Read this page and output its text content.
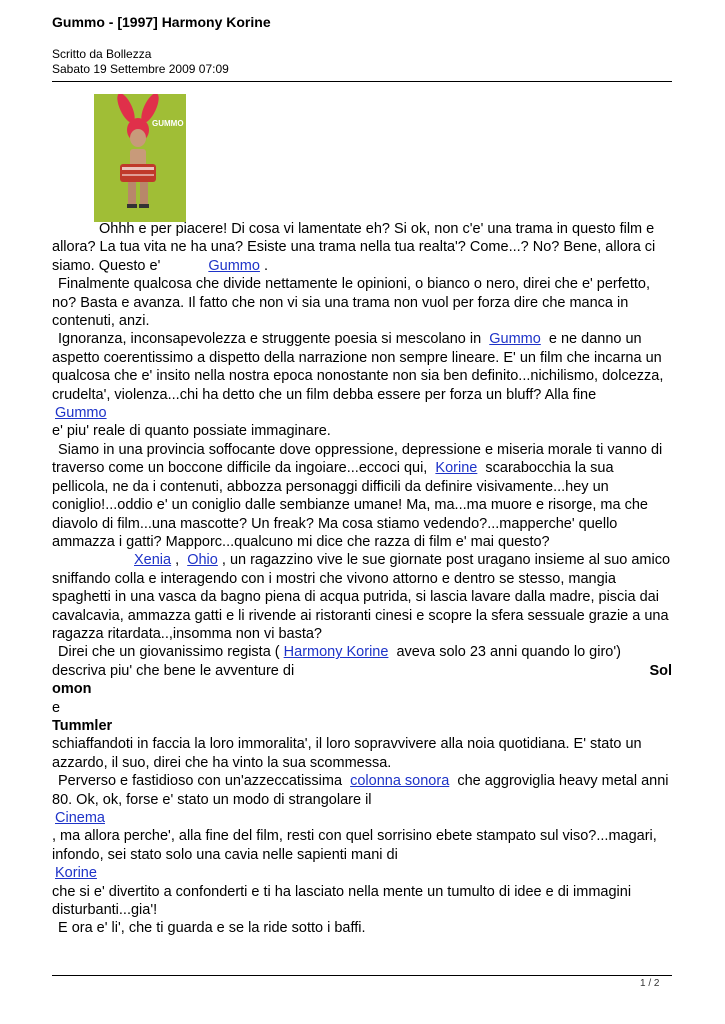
Gummo - [1997] Harmony Korine
Scritto da Bollezza
Sabato 19 Settembre 2009 07:09
GUMMO

Ohhh e per piacere! Di cosa vi lamentate eh? Si ok, non c'e' una trama in questo film e allora? La tua vita ne ha una? Esiste una trama nella tua realta'? Come...? No? Bene, allora ci siamo. Questo e'	Gummo .

Finalmente qualcosa che divide nettamente le opinioni, o bianco o nero, direi che e' perfetto, no? Basta e avanza. Il fatto che non vi sia una trama non vuol per forza dire che manca in contenuti, anzi.

Ignoranza, inconsapevolezza e struggente poesia si mescolano in Gummo e ne danno un aspetto coerentissimo a dispetto della narrazione non sempre lineare. E' un film che incarna un qualcosa che e' insito nella nostra epoca nonostante non sia ben definito...nichilismo, dolcezza, crudelta', violenza...chi ha detto che un film debba essere per forza un bluff? Alla fine
Gummo
e' piu' reale di quanto possiate immaginare.

Siamo in una provincia soffocante dove oppressione, depressione e miseria morale ti vanno di traverso come un boccone difficile da ingoiare...eccoci qui, Korine scarabocchia la sua pellicola, ne da i contenuti, abbozza personaggi difficili da definire visivamente...hey un coniglio!...oddio e' un coniglio dalle sembianze umane! Ma, ma...ma muore e risorge, ma che diavolo di film...una mascotte? Un freak? Ma cosa stiamo vedendo?...mapperche' quello ammazza i gatti? Mapporc...qualcuno mi dice che razza di film e' mai questo?

Xenia , Ohio , un ragazzino vive le sue giornate post uragano insieme al suo amico sniffando colla e interagendo con i mostri che vivono attorno e dentro se stesso, mangia spaghetti in una vasca da bagno piena di acqua putrida, si lascia lavare dalla madre, piscia dai cavalcavia, ammazza gatti e li rivende ai ristoranti cinesi e scopre la sfera sessuale grazie a una ragazza ritardata..,insomma non vi basta?

Direi che un giovanissimo regista ( Harmony Korine aveva solo 23 anni quando lo giro') descriva piu' che bene le avventure di	Sol

omon
e
Tummler
schiaffandoti in faccia la loro immoralita', il loro sopravvivere alla noia quotidiana. E' stato un azzardo, il suo, direi che ha vinto la sua scommessa.

Perverso e fastidioso con un'azzeccatissima colonna sonora che aggroviglia heavy metal anni 80. Ok, ok, forse e' stato un modo di strangolare il
Cinema
, ma allora perche', alla fine del film, resti con quel sorrisino ebete stampato sul viso?...magari, infondo, sei stato solo una cavia nelle sapienti mani di
Korine
che si e' divertito a confonderti e ti ha lasciato nella mente un tumulto di idee e di immagini disturbanti...gia'!

E ora e' li', che ti guarda e se la ride sotto i baffi.

1 / 2
